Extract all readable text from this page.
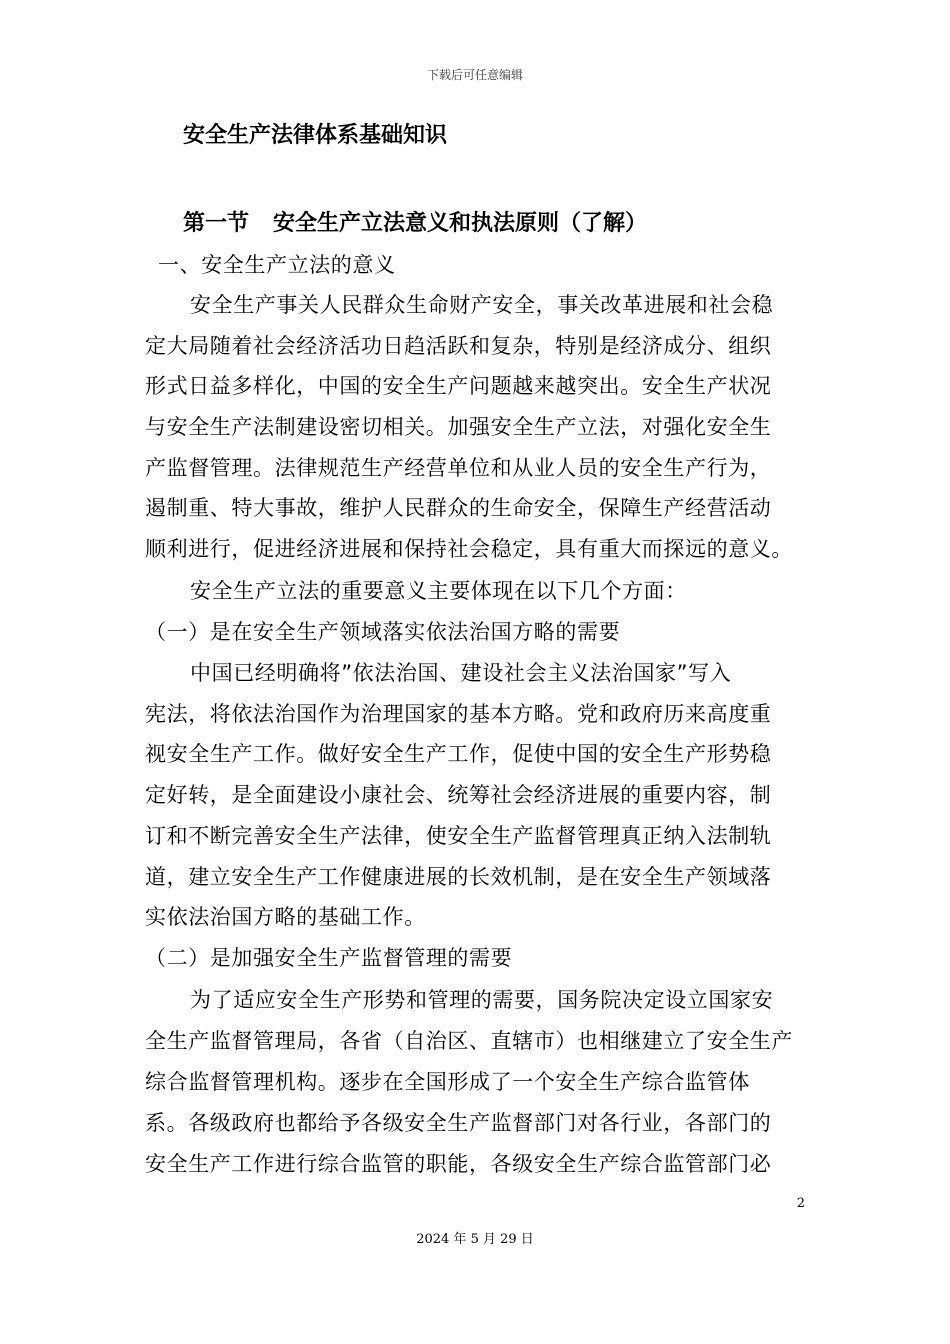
下载后可任意编辑
安全生产法律体系基础知识
第一节 安全生产立法意义和执法原则（了解）
一、安全生产立法的意义
安全生产事关人民群众生命财产安全，事关改革进展和社会稳
定大局随着社会经济活功日趋活跃和复杂，特别是经济成分、组织
形式日益多样化，中国的安全生产问题越来越突出。安全生产状况
与安全生产法制建设密切相关。加强安全生产立法，对强化安全生
产监督管理。法律规范生产经营单位和从业人员的安全生产行为，
遏制重、特大事故，维护人民群众的生命安全，保障生产经营活动
顺利进行，促进经济进展和保持社会稳定，具有重大而探远的意义。
安全生产立法的重要意义主要体现在以下几个方面：
（一）是在安全生产领域落实依法治国方略的需要
中国已经明确将”依法治国、建设社会主义法治国家”写入
宪法，将依法治国作为治理国家的基本方略。党和政府历来高度重
视安全生产工作。做好安全生产工作，促使中国的安全生产形势稳
定好转，是全面建设小康社会、统筹社会经济进展的重要内容，制
订和不断完善安全生产法律，使安全生产监督管理真正纳入法制轨
道，建立安全生产工作健康进展的长效机制，是在安全生产领域落
实依法治国方略的基础工作。
（二）是加强安全生产监督管理的需要
为了适应安全生产形势和管理的需要，国务院决定设立国家安
全生产监督管理局，各省（自治区、直辖市）也相继建立了安全生产
综合监督管理机构。逐步在全国形成了一个安全生产综合监管体
系。各级政府也都给予各级安全生产监督部门对各行业，各部门的
安全生产工作进行综合监管的职能，各级安全生产综合监管部门必
2
2024 年 5 月 29 日
